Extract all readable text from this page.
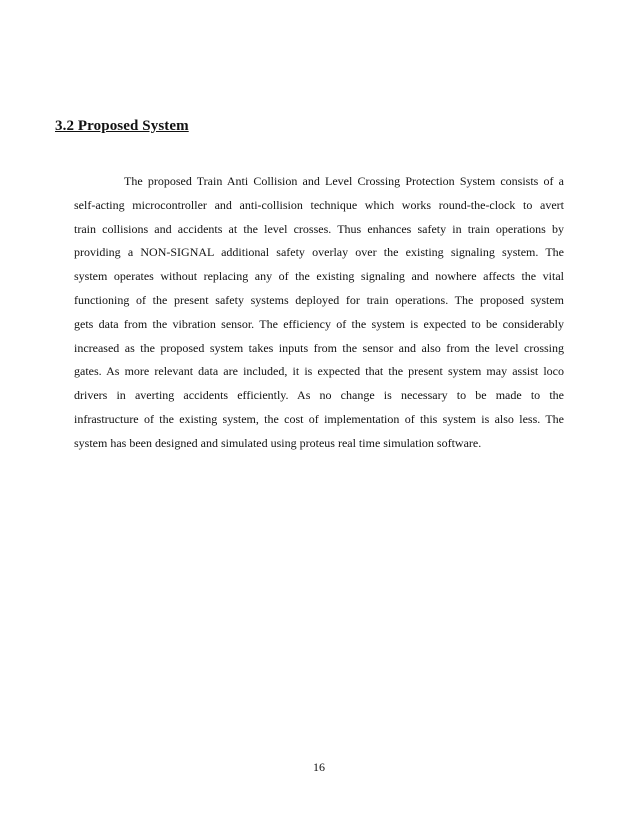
3.2 Proposed System

The proposed Train Anti Collision and Level Crossing Protection System consists of a
self-acting microcontroller and anti-collision technique which works round-the-clock to avert
train collisions and accidents at the level crosses. Thus enhances safety in train operations by
providing a NON-SIGNAL additional safety overlay over the existing signaling system. The
system operates without replacing any of the existing signaling and nowhere affects the vital
functioning of the present safety systems deployed for train operations. The proposed system
gets data from the vibration sensor. The efficiency of the system is expected to be considerably
increased as the proposed system takes inputs from the sensor and also from the level crossing
gates. As more relevant data are included, it is expected that the present system may assist loco
drivers in averting accidents efficiently. As no change is necessary to be made to the
infrastructure of the existing system, the cost of implementation of this system is also less. The
system has been designed and simulated using proteus real time simulation software.

16
